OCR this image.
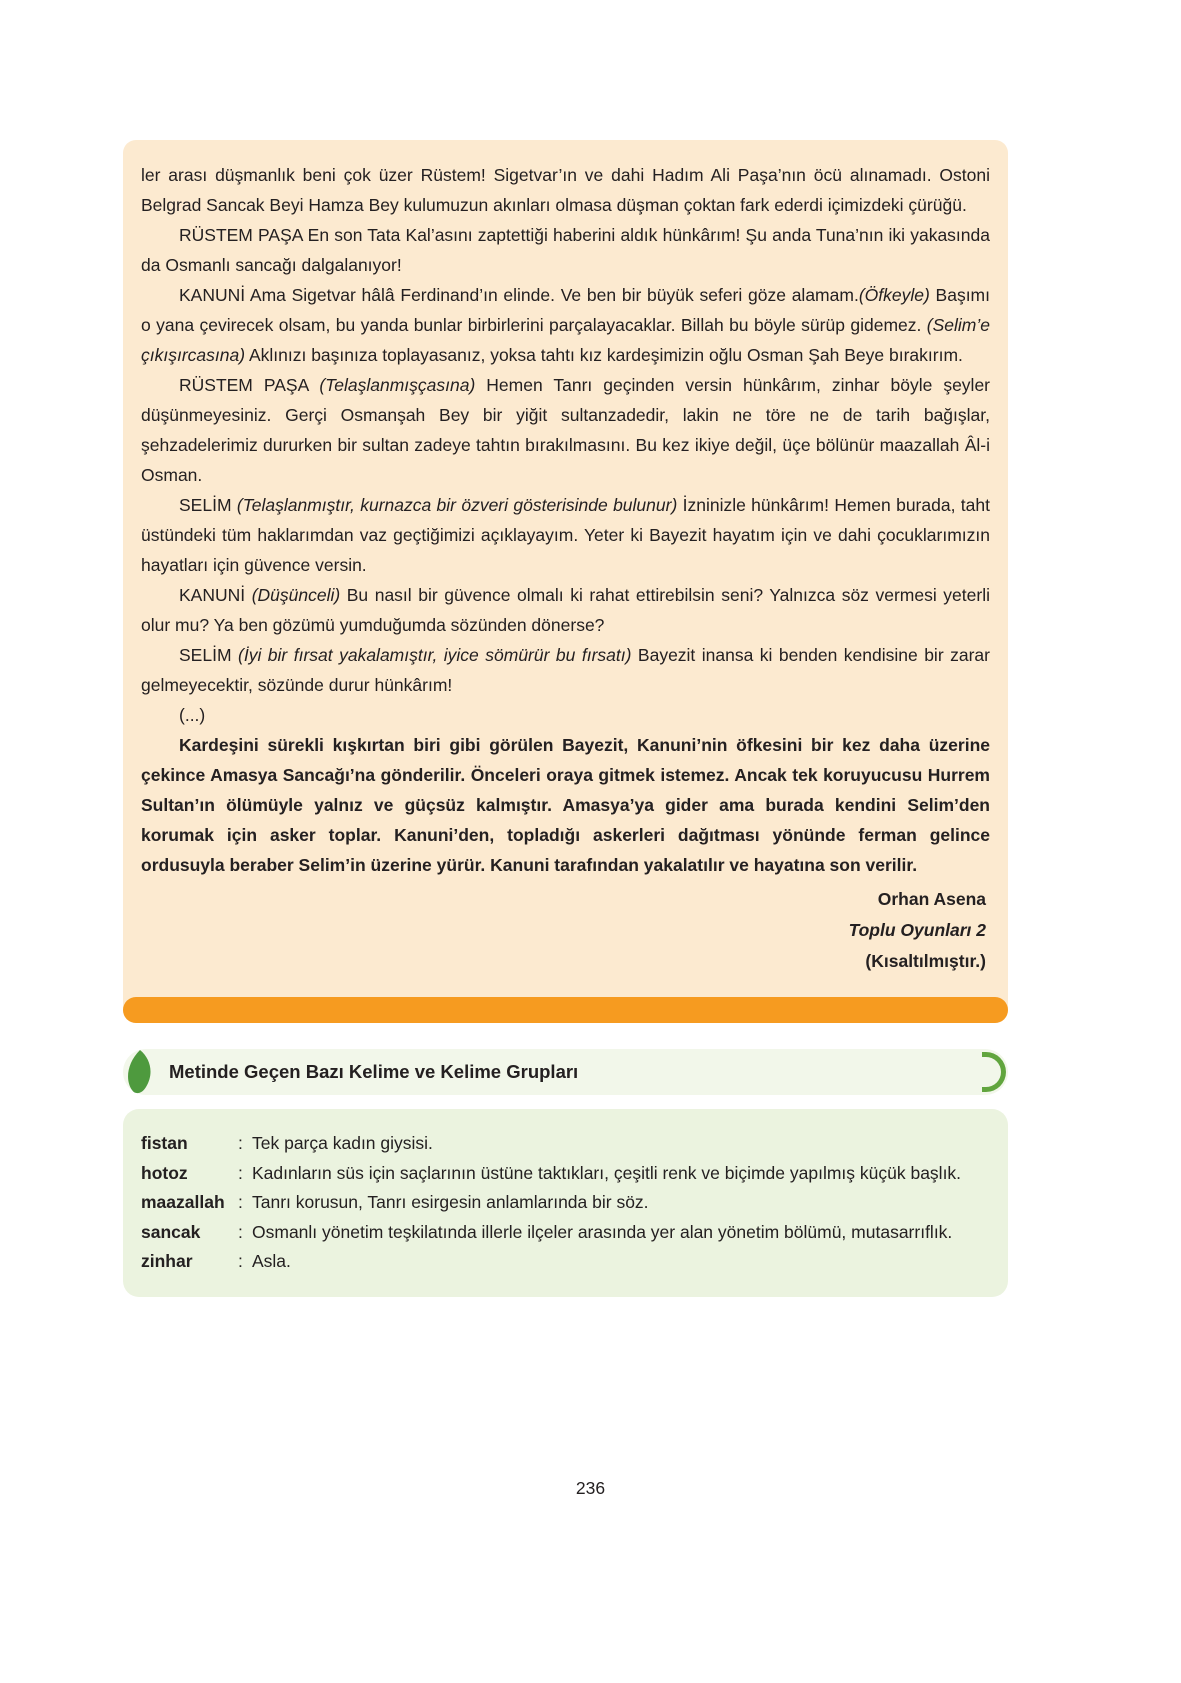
ler arası düşmanlık beni çok üzer Rüstem! Sigetvar’ın ve dahi Hadım Ali Paşa’nın öcü alınamadı. Ostoni Belgrad Sancak Beyi Hamza Bey kulumuzun akınları olmasa düşman çoktan fark ederdi içimizdeki çürüğü.

RÜSTEM PAŞA En son Tata Kal’asını zaptettiği haberini aldık hünkârım! Şu anda Tuna’nın iki yakasında da Osmanlı sancağı dalgalanıyor!

KANUNİ Ama Sigetvar hâlâ Ferdinand’ın elinde. Ve ben bir büyük seferi göze alamam.(Öfkeyle) Başımı o yana çevirecek olsam, bu yanda bunlar birbirlerini parçalayacaklar. Billah bu böyle sürüp gidemez. (Selim’e çıkışırcasına) Aklınızı başınıza toplayasanız, yoksa tahtı kız kardeşimizin oğlu Osman Şah Beye bırakırım.

RÜSTEM PAŞA (Telaşlanmışçasına) Hemen Tanrı geçinden versin hünkârım, zinhar böyle şeyler düşünmeyesiniz. Gerçi Osmanşah Bey bir yiğit sultanzadedir, lakin ne töre ne de tarih bağışlar, şehzadelerimiz dururken bir sultan zadeye tahtın bırakılmasını. Bu kez ikiye değil, üçe bölünür maazallah Âl-i Osman.

SELİM (Telaşlanmıştır, kurnazca bir özveri gösterisinde bulunur) İzninizle hünkârım! Hemen burada, taht üstündeki tüm haklarımdan vaz geçtiğimizi açıklayayım. Yeter ki Bayezit hayatım için ve dahi çocuklarımızın hayatları için güvence versin.

KANUNİ (Düşünceli) Bu nasıl bir güvence olmalı ki rahat ettirebilsin seni? Yalnızca söz vermesi yeterli olur mu? Ya ben gözümü yumduğumda sözünden dönerse?

SELİM (İyi bir fırsat yakalamıştır, iyice sömürür bu fırsatı) Bayezit inansa ki benden kendisine bir zarar gelmeyecektir, sözünde durur hünkârım!

(...)

Kardeşini sürekli kışkırtan biri gibi görülen Bayezit, Kanuni’nin öfkesini bir kez daha üzerine çekince Amasya Sancağı’na gönderilir. Önceleri oraya gitmek istemez. Ancak tek koruyucusu Hurrem Sultan’ın ölümüyle yalnız ve güçsüz kalmıştır. Amasya’ya gider ama burada kendini Selim’den korumak için asker toplar. Kanuni’den, topladığı askerleri dağıtması yönünde ferman gelince ordusuyla beraber Selim’in üzerine yürür. Kanuni tarafından yakalatılır ve hayatına son verilir.

Orhan Asena

Toplu Oyunları 2

(Kısaltılmıştır.)

Metinde Geçen Bazı Kelime ve Kelime Grupları
fistan	: Tek parça kadın giysisi.
hotoz	: Kadınların süs için saçlarının üstüne taktıkları, çeşitli renk ve biçimde yapılmış küçük başlık.
maazallah : Tanrı korusun, Tanrı esirgesin anlamlarında bir söz.
sancak	: Osmanlı yönetim teşkilatında illerle ilçeler arasında yer alan yönetim bölümü, mutasarrıflık.
zinhar	: Asla.
236
